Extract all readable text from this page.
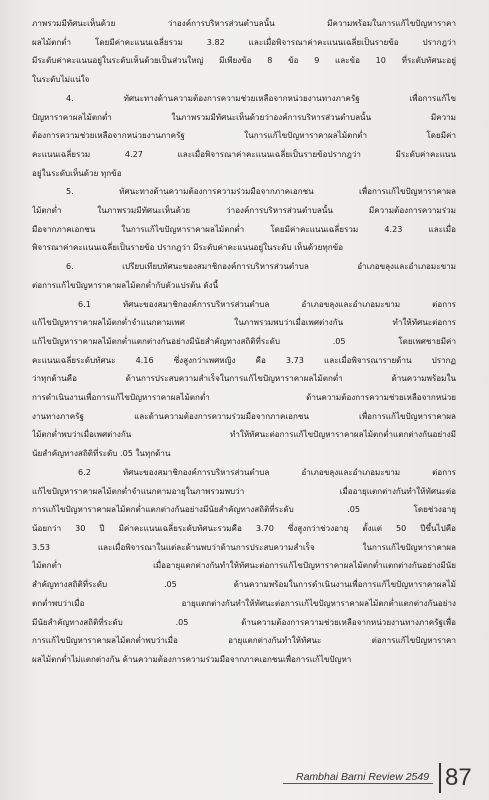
ภาพรวมมีทัศนะเห็นด้วย ว่าองค์การบริหารส่วนตำบลนั้น มีความพร้อมในการแก้ไขปัญหาราคา
ผลไม้ตกต่ำ โดยมีค่าคะแนนเฉลี่ยรวม 3.82 และเมื่อพิจารณาค่าคะแนนเฉลี่ยเป็นรายข้อ ปรากฎว่า
มีระดับค่าคะแนนอยู่ในระดับเห็นด้วยเป็นส่วนใหญ่ มีเพียงข้อ 8 ข้อ 9 และข้อ 10 ที่ระดับทัศนะอยู่
ในระดับไม่แน่ใจ
4. ทัศนะทางด้านความต้องการความช่วยเหลือจากหน่วยงานทางภาครัฐ เพื่อการแก้ไข
ปัญหาราคาผลไม้ตกต่ำ ในภาพรวมมีทัศนะเห็นด้วยว่าองค์การบริหารส่วนตำบลนั้น มีความ
ต้องการความช่วยเหลือจากหน่วยงานภาครัฐ ในการแก้ไขปัญหาราคาผลไม้ตกต่ำ โดยมีค่า
คะแนนเฉลี่ยรวม 4.27 และเมื่อพิจารณาค่าคะแนนเฉลี่ยเป็นรายข้อปรากฎว่า มีระดับค่าคะแนน
อยู่ในระดับเห็นด้วย ทุกข้อ
5. ทัศนะทางด้านความต้องการความร่วมมือจากภาคเอกชน เพื่อการแก้ไขปัญหาราคาผล
ไม้ตกต่ำ ในภาพรวมมีทัศนะเห็นด้วย ว่าองค์การบริหารส่วนตำบลนั้น มีความต้องการความร่วม
มือจากภาคเอกชน ในการแก้ไขปัญหาราคาผลไม้ตกต่ำ โดยมีค่าคะแนนเฉลี่ยรวม 4.23 และเมื่อ
พิจารณาค่าคะแนนเฉลี่ยเป็นรายข้อ ปรากฎว่า มีระดับค่าคะแนนอยู่ในระดับ เห็นด้วยทุกข้อ
6. เปรียบเทียบทัศนะของสมาชิกองค์การบริหารส่วนตำบล อำเภอขลุงและอำเภอมะขาม
ต่อการแก้ไขปัญหาราคาผลไม้ตกต่ำกับตัวแปรต้น ดังนี้
6.1 ทัศนะของสมาชิกองค์การบริหารส่วนตำบล อำเภอขลุงและอำเภอมะขาม ต่อการ
แก้ไขปัญหาราคาผลไม้ตกต่ำจำแนกตามเพศ ในภาพรวมพบว่าเมื่อเพศต่างกัน ทำให้ทัศนะต่อการ
แก้ไขปัญหาราคาผลไม้ตกต่ำแตกต่างกันอย่างมีนัยสำคัญทางสถิติที่ระดับ .05 โดยเพศชายมีค่า
คะแนนเฉลี่ยระดับทัศนะ 4.16 ซึ่งสูงกว่าเพศหญิง คือ 3.73 และเมื่อพิจารณารายด้าน ปรากฏ
ว่าทุกด้านคือ ด้านการประสบความสำเร็จในการแก้ไขปัญหาราคาผลไม้ตกต่ำ ด้านความพร้อมใน
การดำเนินงานเพื่อการแก้ไขปัญหาราคาผลไม้ตกต่ำ ด้านความต้องการความช่วยเหลือจากหน่วย
งานทางภาครัฐ และด้านความต้องการความร่วมมือจากภาคเอกชน เพื่อการแก้ไขปัญหาราคาผล
ไม้ตกต่ำพบว่าเมื่อเพศต่างกัน ทำให้ทัศนะต่อการแก้ไขปัญหาราคาผลไม้ตกต่ำแตกต่างกันอย่างมี
นัยสำคัญทางสถิติที่ระดับ .05 ในทุกด้าน
6.2 ทัศนะของสมาชิกองค์การบริหารส่วนตำบล อำเภอขลุงและอำเภอมะขาม ต่อการ
แก้ไขปัญหาราคาผลไม้ตกต่ำจำแนกตามอายุในภาพรวมพบว่า เมื่ออายุแตกต่างกันทำให้ทัศนะต่อ
การแก้ไขปัญหาราคาผลไม้ตกต่ำแตกต่างกันอย่างมีนัยสำคัญทางสถิติที่ระดับ .05 โดยช่วงอายุ
น้อยกว่า 30 ปี มีค่าคะแนนเฉลี่ยระดับทัศนะรวมคือ 3.70 ซึ่งสูงกว่าช่วงอายุ ตั้งแต่ 50 ปีขึ้นไปคือ
3.53 และเมื่อพิจารณาในแต่ละด้านพบว่าด้านการประสบความสำเร็จ ในการแก้ไขปัญหาราคาผล
ไม้ตกต่ำ เมื่ออายุแตกต่างกันทำให้ทัศนะต่อการแก้ไขปัญหาราคาผลไม้ตกต่ำแตกต่างกันอย่างมีนัย
สำคัญทางสถิติที่ระดับ .05 ด้านความพร้อมในการดำเนินงานเพื่อการแก้ไขปัญหาราคาผลไม้
ตกต่ำพบว่าเมื่อ อายุแตกต่างกันทำให้ทัศนะต่อการแก้ไขปัญหาราคาผลไม้ตกต่ำแตกต่างกันอย่าง
มีนัยสำคัญทางสถิติที่ระดับ .05 ด้านความต้องการความช่วยเหลือจากหน่วยงานทางภาครัฐเพื่อ
การแก้ไขปัญหาราคาผลไม้ตกต่ำพบว่าเมื่อ อายุแตกต่างกันทำให้ทัศนะ ต่อการแก้ไขปัญหาราคา
ผลไม้ตกต่ำไม่แตกต่างกัน ด้านความต้องการความร่วมมือจากภาคเอกชนเพื่อการแก้ไขปัญหา
Rambhai Barni Review 2549 87
